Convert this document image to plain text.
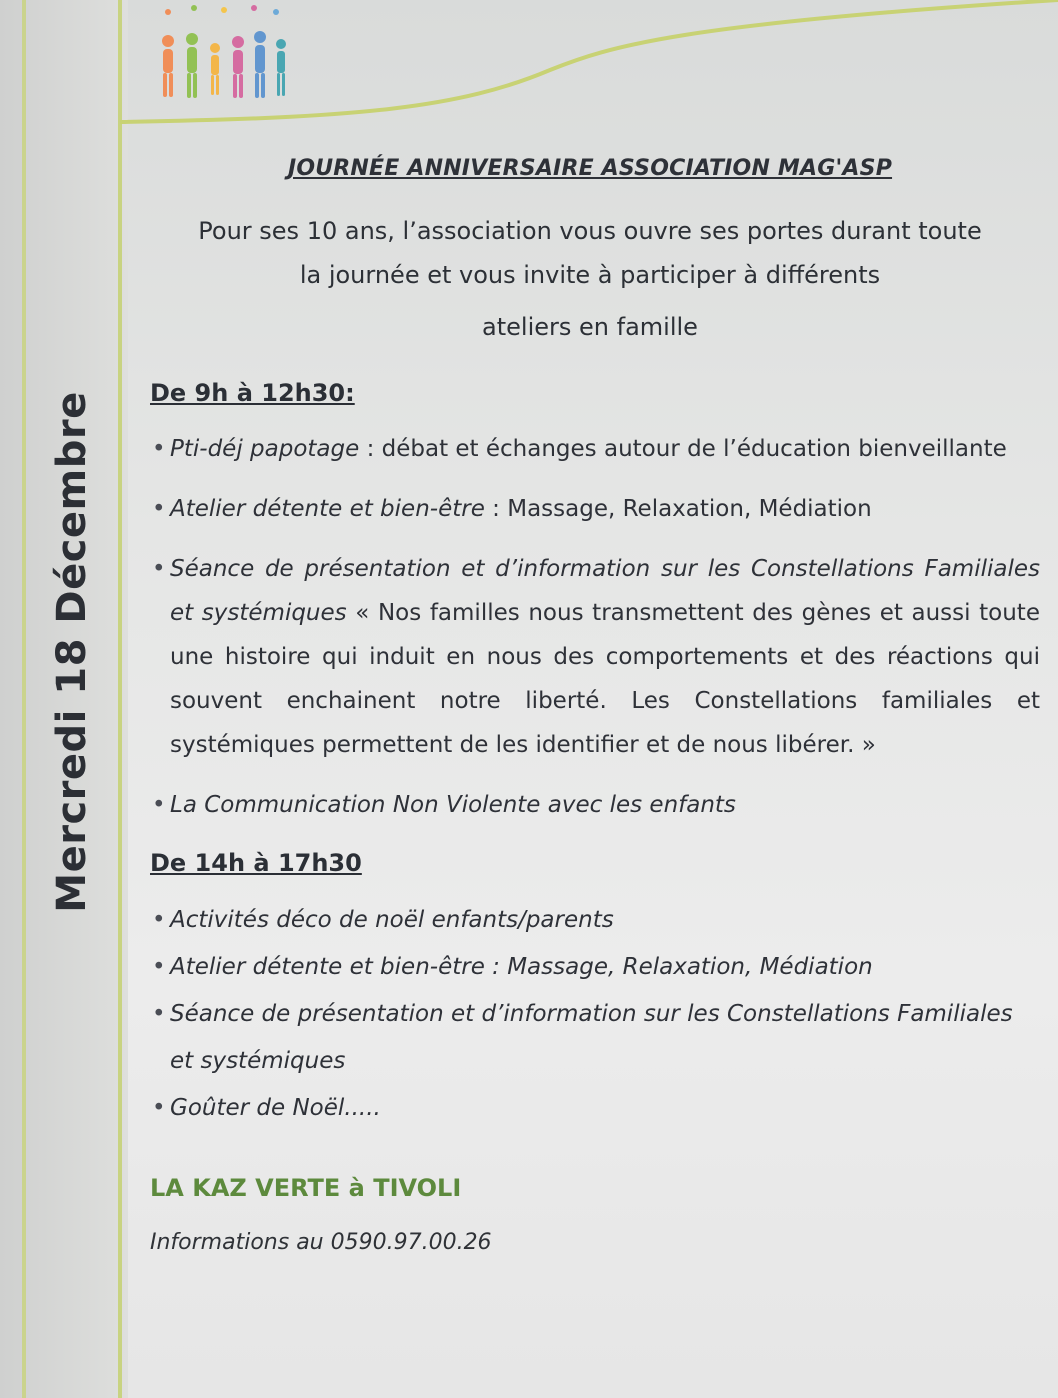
Mercredi 18 Décembre
JOURNÉE ANNIVERSAIRE ASSOCIATION MAG'ASP
Pour ses 10 ans, l’association vous ouvre ses portes durant toute
la journée et vous invite à participer à différents
ateliers en famille
De 9h à 12h30:
• Pti-déj papotage : débat et échanges autour de l’éducation bienveillante
• Atelier détente et bien-être : Massage, Relaxation, Médiation
• Séance de présentation et d’information sur les Constellations Familiales et systémiques « Nos familles nous transmettent des gènes et aussi toute une histoire qui induit en nous des comportements et des réactions qui souvent enchainent notre liberté. Les Constellations familiales et systémiques permettent de les identifier et de nous libérer. »
• La Communication Non Violente avec les enfants
De 14h à 17h30
• Activités déco de noël enfants/parents
• Atelier détente et bien-être : Massage, Relaxation, Médiation
• Séance de présentation et d’information sur les Constellations Familiales et systémiques
• Goûter de Noël.....
LA KAZ VERTE à TIVOLI
Informations au 0590.97.00.26
